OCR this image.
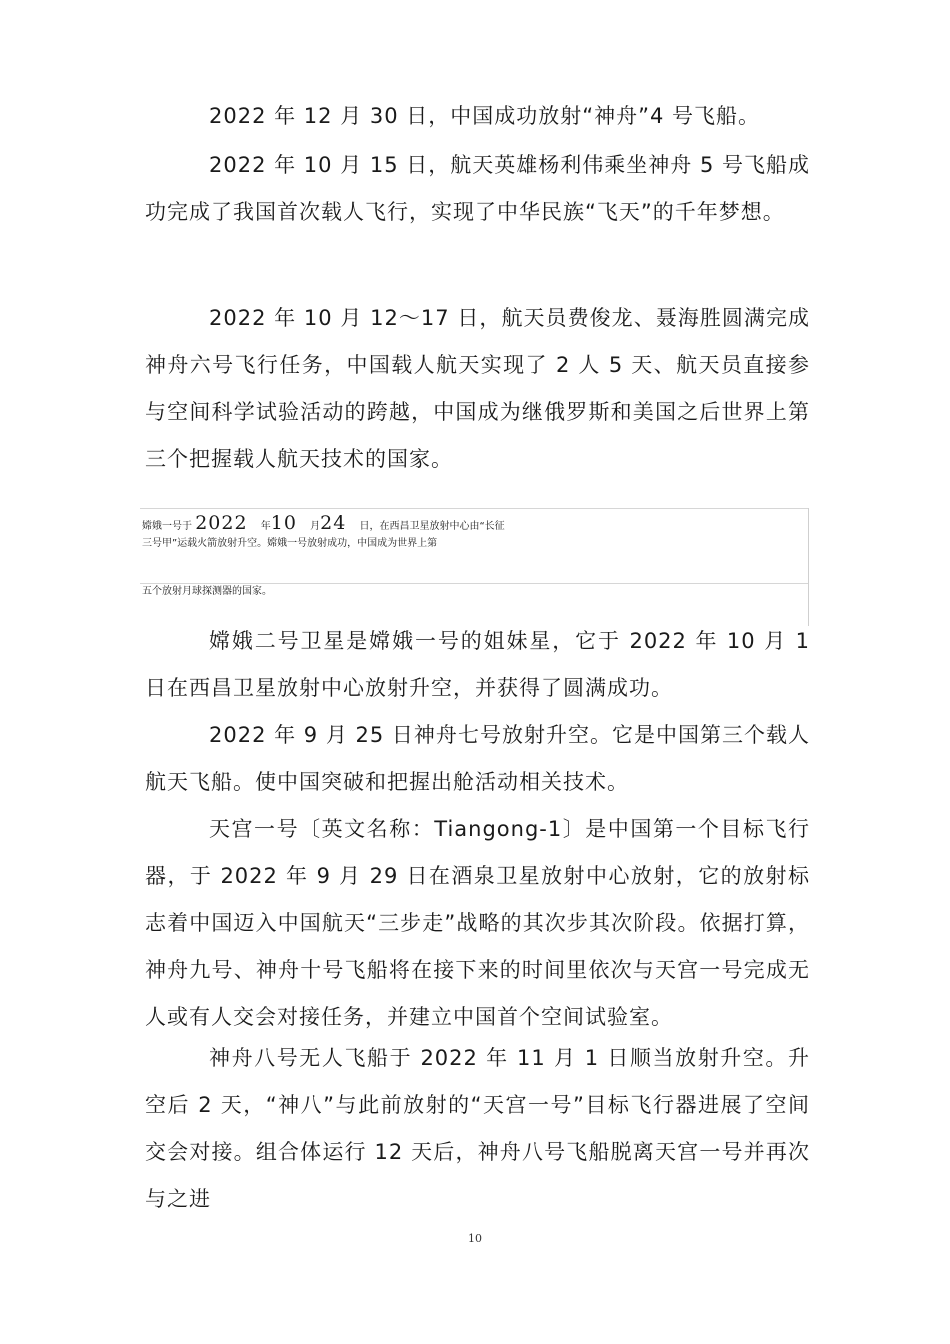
2022 年 12 月 30 日，中国成功放射“神舟”4 号飞船。

2022 年 10 月 15 日，航天英雄杨利伟乘坐神舟 5 号飞船成功完成了我国首次载人飞行，实现了中华民族“飞天”的千年梦想。

2022 年 10 月 12～17 日，航天员费俊龙、聂海胜圆满完成神舟六号飞行任务，中国载人航天实现了 2 人 5 天、航天员直接参与空间科学试验活动的跨越，中国成为继俄罗斯和美国之后世界上第三个把握载人航天技术的国家。

嫦娥一号于 2022 年10 月24 日，在西昌卫星放射中心由“长征
三号甲”运载火箭放射升空。嫦娥一号放射成功，中国成为世界上第
五个放射月球探测器的国家。

嫦娥二号卫星是嫦娥一号的姐妹星，它于 2022 年 10 月 1 日在西昌卫星放射中心放射升空，并获得了圆满成功。

2022 年 9 月 25 日神舟七号放射升空。它是中国第三个载人航天飞船。使中国突破和把握出舱活动相关技术。

天宫一号〔英文名称：Tiangong-1〕是中国第一个目标飞行器，于 2022 年 9 月 29 日在酒泉卫星放射中心放射，它的放射标志着中国迈入中国航天“三步走”战略的其次步其次阶段。依据打算，神舟九号、神舟十号飞船将在接下来的时间里依次与天宫一号完成无人或有人交会对接任务，并建立中国首个空间试验室。

神舟八号无人飞船于 2022 年 11 月 1 日顺当放射升空。升空后 2 天，“神八”与此前放射的“天宫一号”目标飞行器进展了空间交会对接。组合体运行 12 天后，神舟八号飞船脱离天宫一号并再次与之进

10
